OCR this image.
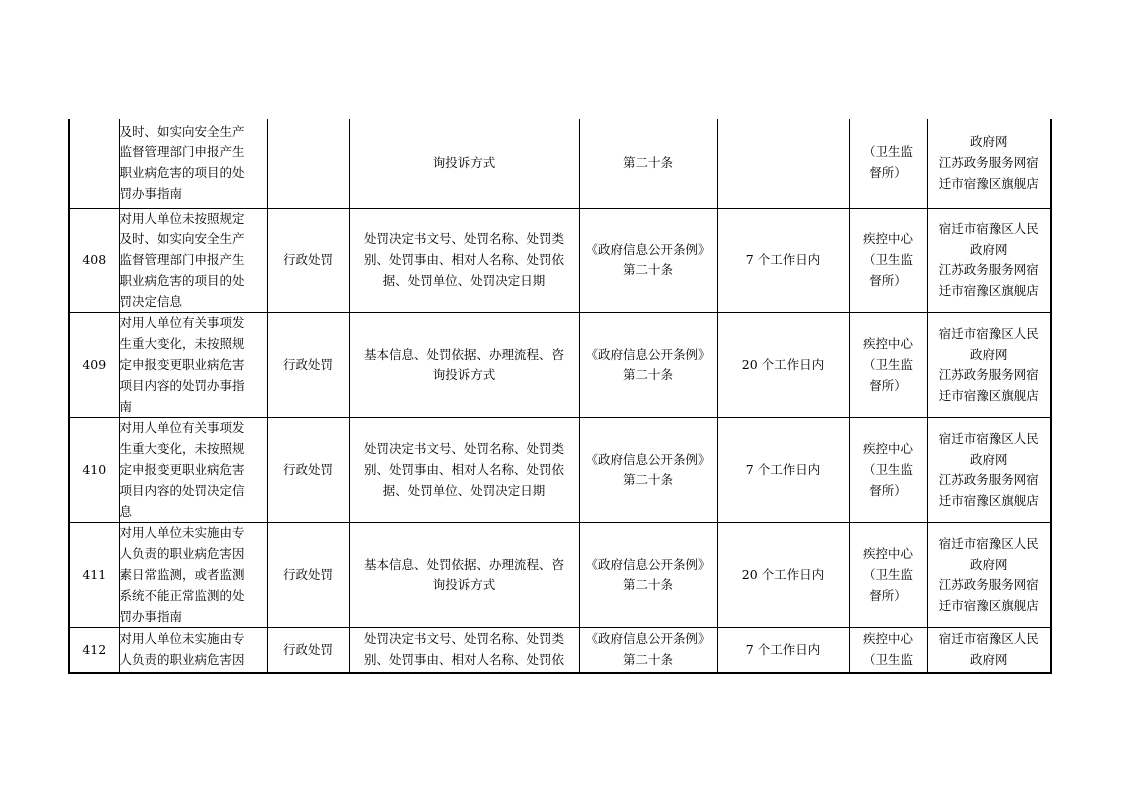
	及时、如实向安全生产
监督管理部门申报产生
职业病危害的项目的处
罚办事指南		询投诉方式	第二十条		（卫生监
督所）	政府网
江苏政务服务网宿
迁市宿豫区旗舰店

408	对用人单位未按照规定
及时、如实向安全生产
监督管理部门申报产生
职业病危害的项目的处
罚决定信息	行政处罚	处罚决定书文号、处罚名称、处罚类
别、处罚事由、相对人名称、处罚依
据、处罚单位、处罚决定日期	《政府信息公开条例》
第二十条	7 个工作日内	疾控中心
（卫生监
督所）	宿迁市宿豫区人民
政府网
江苏政务服务网宿
迁市宿豫区旗舰店

409	对用人单位有关事项发
生重大变化，未按照规
定申报变更职业病危害
项目内容的处罚办事指
南	行政处罚	基本信息、处罚依据、办理流程、咨
询投诉方式	《政府信息公开条例》
第二十条	20 个工作日内	疾控中心
（卫生监
督所）	宿迁市宿豫区人民
政府网
江苏政务服务网宿
迁市宿豫区旗舰店

410	对用人单位有关事项发
生重大变化，未按照规
定申报变更职业病危害
项目内容的处罚决定信
息	行政处罚	处罚决定书文号、处罚名称、处罚类
别、处罚事由、相对人名称、处罚依
据、处罚单位、处罚决定日期	《政府信息公开条例》
第二十条	7 个工作日内	疾控中心
（卫生监
督所）	宿迁市宿豫区人民
政府网
江苏政务服务网宿
迁市宿豫区旗舰店

411	对用人单位未实施由专
人负责的职业病危害因
素日常监测，或者监测
系统不能正常监测的处
罚办事指南	行政处罚	基本信息、处罚依据、办理流程、咨
询投诉方式	《政府信息公开条例》
第二十条	20 个工作日内	疾控中心
（卫生监
督所）	宿迁市宿豫区人民
政府网
江苏政务服务网宿
迁市宿豫区旗舰店

412	对用人单位未实施由专
人负责的职业病危害因	行政处罚	处罚决定书文号、处罚名称、处罚类
别、处罚事由、相对人名称、处罚依	《政府信息公开条例》
第二十条	7 个工作日内	疾控中心
（卫生监	宿迁市宿豫区人民
政府网
